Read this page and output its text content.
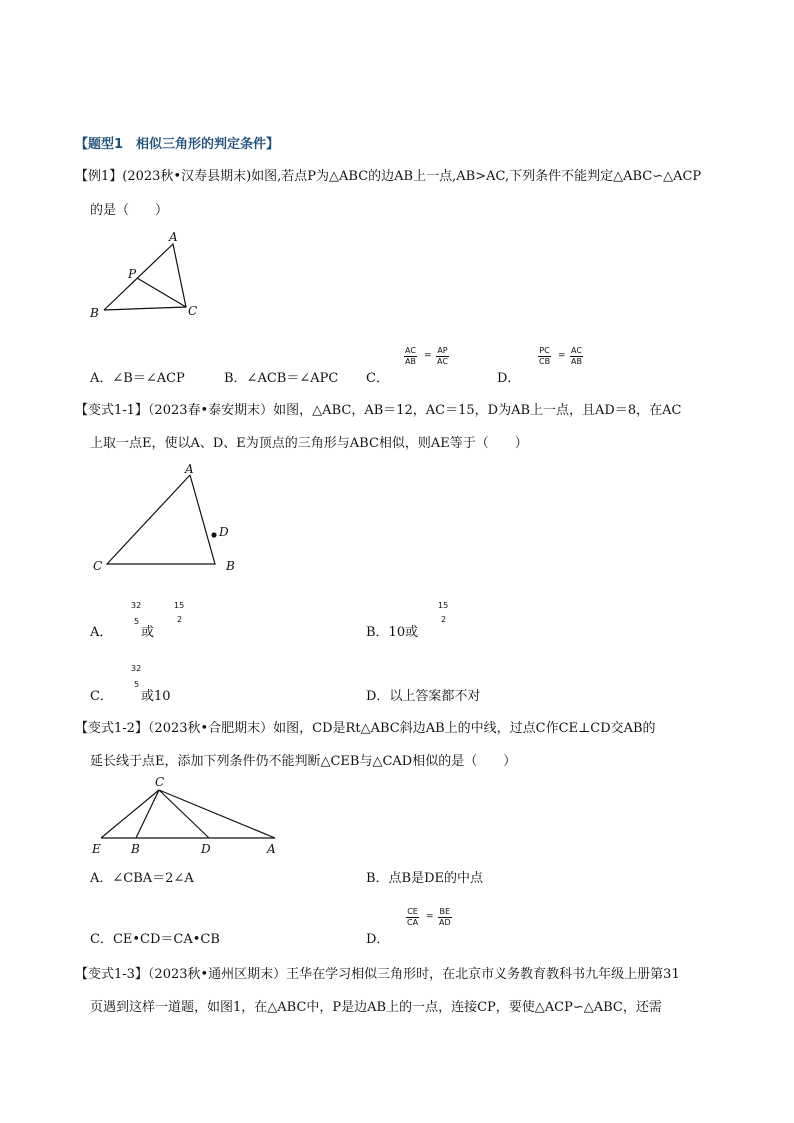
【题型1　相似三角形的判定条件】
【例1】(2023秋•汉寿县期末)如图,若点P为△ABC的边AB上一点,AB>AC,下列条件不能判定△ABC∽△ACP
的是（　　）
A
P
B	C
A．∠B＝∠ACP	B．∠ACB＝∠APC C．
$\frac{AC}{AB} = \frac{AP}{AC}$
D．
$\frac{PC}{CB} = \frac{AC}{AB}$
【变式1-1】（2023春•泰安期末）如图，△ABC，AB＝12，AC＝15，D为AB上一点，且AD＝8，在AC
上取一点E，使以A、D、E为顶点的三角形与ABC相似，则AE等于（　　）
A
D
C	B
A．
32
5
或
15
2
B．10或
15
2
C．
32
5
或10	D．以上答案都不对
【变式1-2】（2023秋•合肥期末）如图，CD是Rt△ABC斜边AB上的中线，过点C作CE⊥CD交AB的
延长线于点E，添加下列条件仍不能判断△CEB与△CAD相似的是（　　）
C
E	B	D	A
A．∠CBA＝2∠A	B．点B是DE的中点
C．CE•CD＝CA•CB	D．
$\frac{CE}{CA} = \frac{BE}{AD}$
【变式1-3】（2023秋•通州区期末）王华在学习相似三角形时，在北京市义务教育教科书九年级上册第31
页遇到这样一道题，如图1，在△ABC中，P是边AB上的一点，连接CP，要使△ACP∽△ABC，还需
